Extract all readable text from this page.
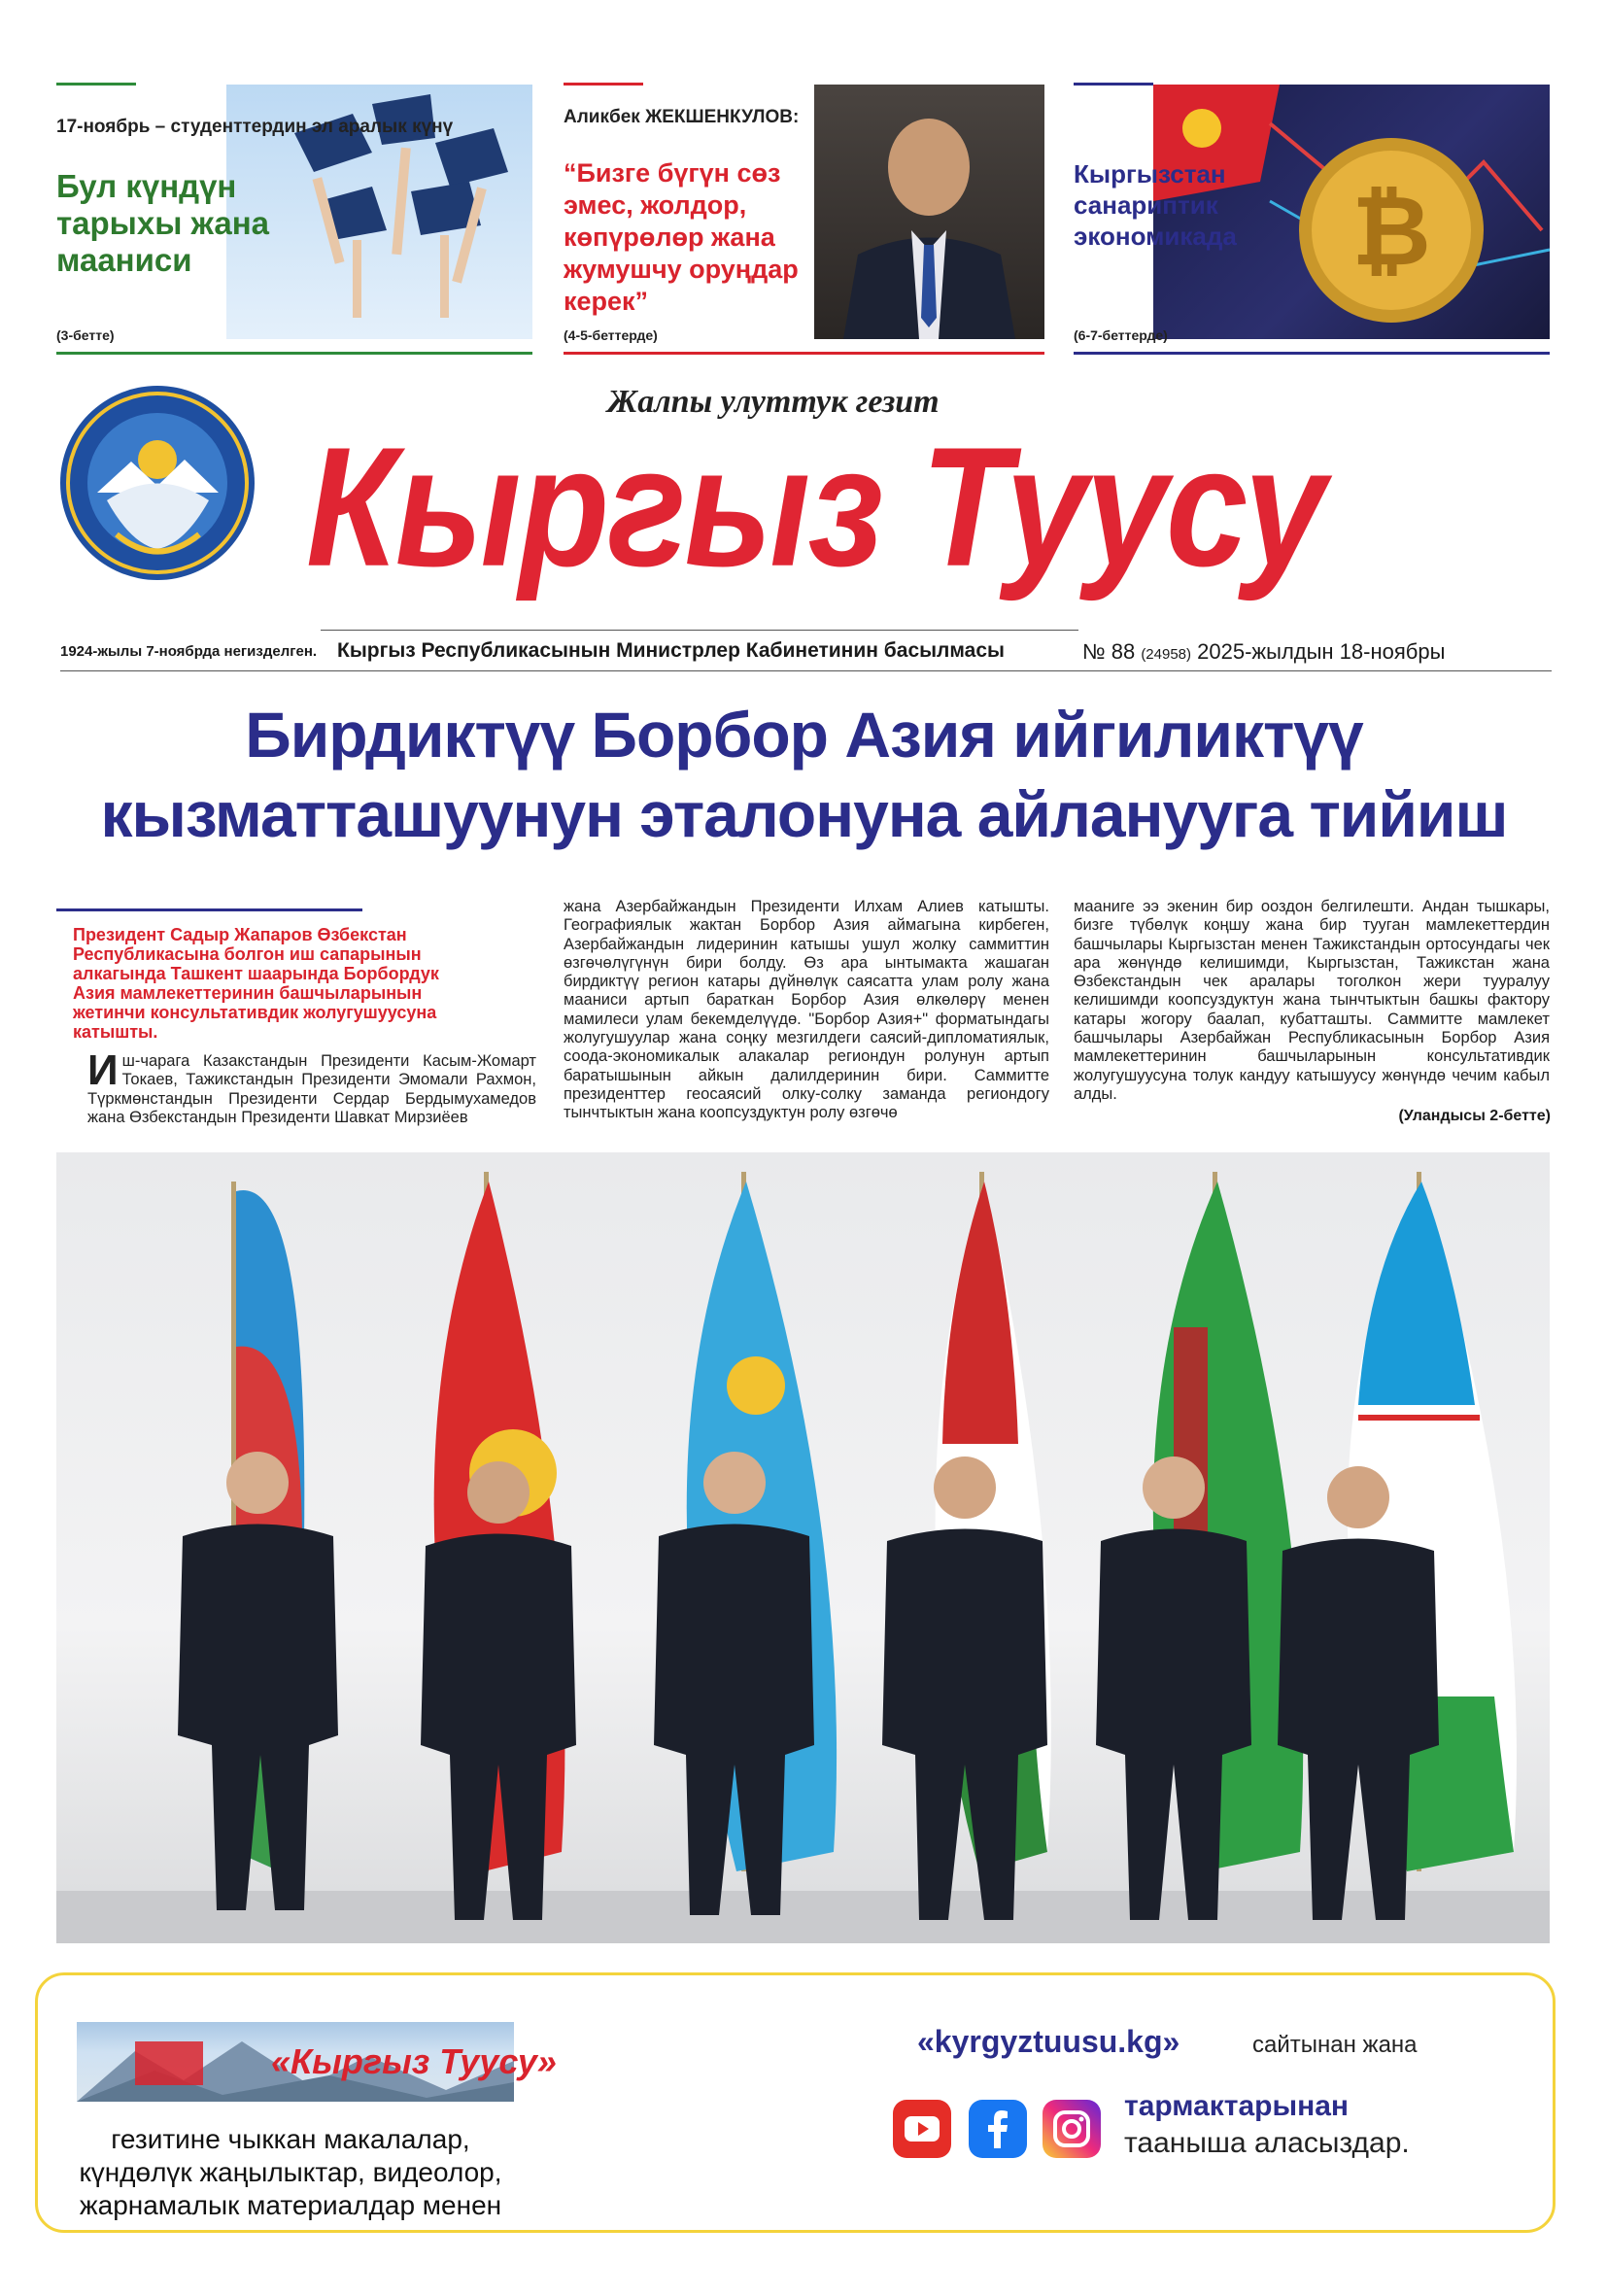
17-ноябрь – студенттердин эл аралык күнү
Бул күндүн тарыхы жана мааниси
(3-бетте)
Аликбек ЖЕКШЕНКУЛОВ:
“Бизге бүгүн сөз эмес, жолдор, көпүрөлөр жана жумушчу оруңдар керек”
(4-5-беттерде)
₿
Кыргызстан санариптик экономикада
(6-7-беттерде)
Жалпы улуттук гезит
Кыргыз Туусу
1924-жылы 7-ноябрда негизделген. Кыргыз Республикасынын Министрлер Кабинетинин басылмасы	№ 88 (24958) 2025-жылдын 18-ноябры
Бирдиктүү Борбор Азия ийгиликтүү
кызматташуунун эталонуна айланууга тийиш
Президент Садыр Жапаров Өзбекстан Республикасына болгон иш сапарынын алкагында Ташкент шаарында Борбордук Азия мамлекеттеринин башчыларынын жетинчи консультативдик жолугушуусуна катышты.
Иш-чарага Казакстандын Президенти Касым-Жомарт Токаев, Тажикстандын Президенти Эмомали Рахмон, Түркмөнстандын Президенти Сердар Бердымухамедов жана Өзбекстандын Президенти Шавкат Мирзиёев
жана Азербайжандын Президенти Илхам Алиев катышты. Географиялык жактан Борбор Азия аймагына кирбеген, Азербайжандын лидеринин катышы ушул жолку саммиттин өзгөчөлүгүнүн бири болду. Өз ара ынтымакта жашаган бирдиктүү регион катары дүйнөлүк саясатта улам ролу жана мааниси артып бараткан Борбор Азия өлкөлөрү менен мамилеси улам бекемделүүдө. "Борбор Азия+" форматындагы жолугушуулар жана соңку мезгилдеги саясий-дипломатиялык, соода-экономикалык алакалар региондун ролунун артып баратышынын айкын далилдеринин бири. Саммитте президенттер геосаясий олку-солку заманда региондогу тынчтыктын жана коопсуздуктун ролу өзгөчө
мааниге ээ экенин бир ооздон белгилешти. Андан тышкары, бизге түбөлүк коңшу жана бир тууган мамлекеттердин башчылары Кыргызстан менен Тажикстандын ортосундагы чек ара жөнүндө келишимди, Кыргызстан, Тажикстан жана Өзбекстандын чек аралары тоголкон жери тууралуу келишимди коопсуздуктун жана тынчтыктын башкы фактору катары жогору баалап, кубатташты. Саммитте мамлекет башчылары Азербайжан Республикасынын Борбор Азия мамлекеттеринин башчыларынын консультативдик жолугушуусуна толук кандуу катышуусу жөнүндө чечим кабыл алды.
(Уландысы 2-бетте)
«Кыргыз Туусу»
гезитине чыккан макалалар, күндөлүк жаңылыктар, видеолор, жарнамалык материалдар менен
«kyrgyztuusu.kg»	сайтынан жана
тармактарынан
тааныша аласыздар.
